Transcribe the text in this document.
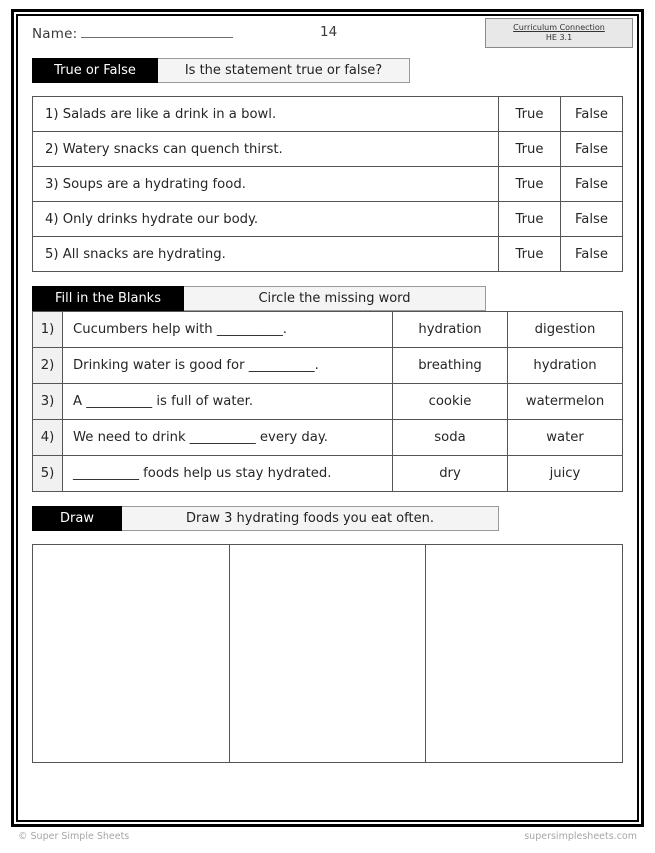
Name:	14	Curriculum Connection
HE 3.1
True or False	Is the statement true or false?
1) Salads are like a drink in a bowl.	True	False
2) Watery snacks can quench thirst.	True	False
3) Soups are a hydrating food.	True	False
4) Only drinks hydrate our body.	True	False
5) All snacks are hydrating.	True	False
Fill in the Blanks	Circle the missing word
1)	Cucumbers help with __________.	hydration	digestion
2)	Drinking water is good for __________.	breathing	hydration
3)	A __________ is full of water.	cookie	watermelon
4)	We need to drink __________ every day.	soda	water
5)	__________ foods help us stay hydrated.	dry	juicy
Draw	Draw 3 hydrating foods you eat often.

© Super Simple Sheets	supersimplesheets.com
